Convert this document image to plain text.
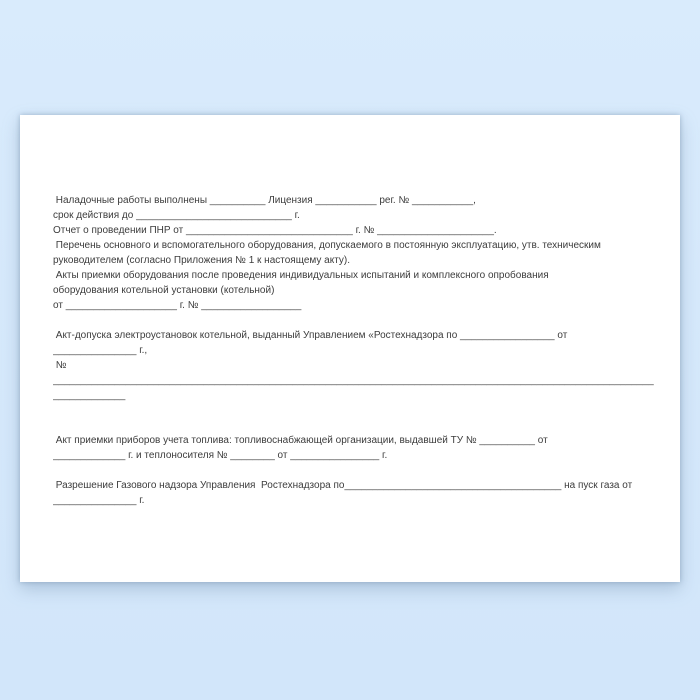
Наладочные работы выполнены __________ Лицензия ___________ рег. № ___________,
срок действия до ____________________________ г.
Отчет о проведении ПНР от ______________________________ г. № _____________________.
Перечень основного и вспомогательного оборудования, допускаемого в постоянную эксплуатацию, утв. техническим
руководителем (согласно Приложения № 1 к настоящему акту).
Акты приемки оборудования после проведения индивидуальных испытаний и комплексного опробования
оборудования котельной установки (котельной)
от ____________________ г. № __________________
Акт-допуска электроустановок котельной, выданный Управлением «Ростехнадзора по _________________ от
_______________ г.,
№
____________________________________________________________________________________________________________
_____________
Акт приемки приборов учета топлива: топливоснабжающей организации, выдавшей ТУ № __________ от
_____________ г. и теплоносителя № ________ от ________________ г.
Разрешение Газового надзора Управления  Ростехнадзора по_______________________________________ на пуск газа от
_______________ г.
